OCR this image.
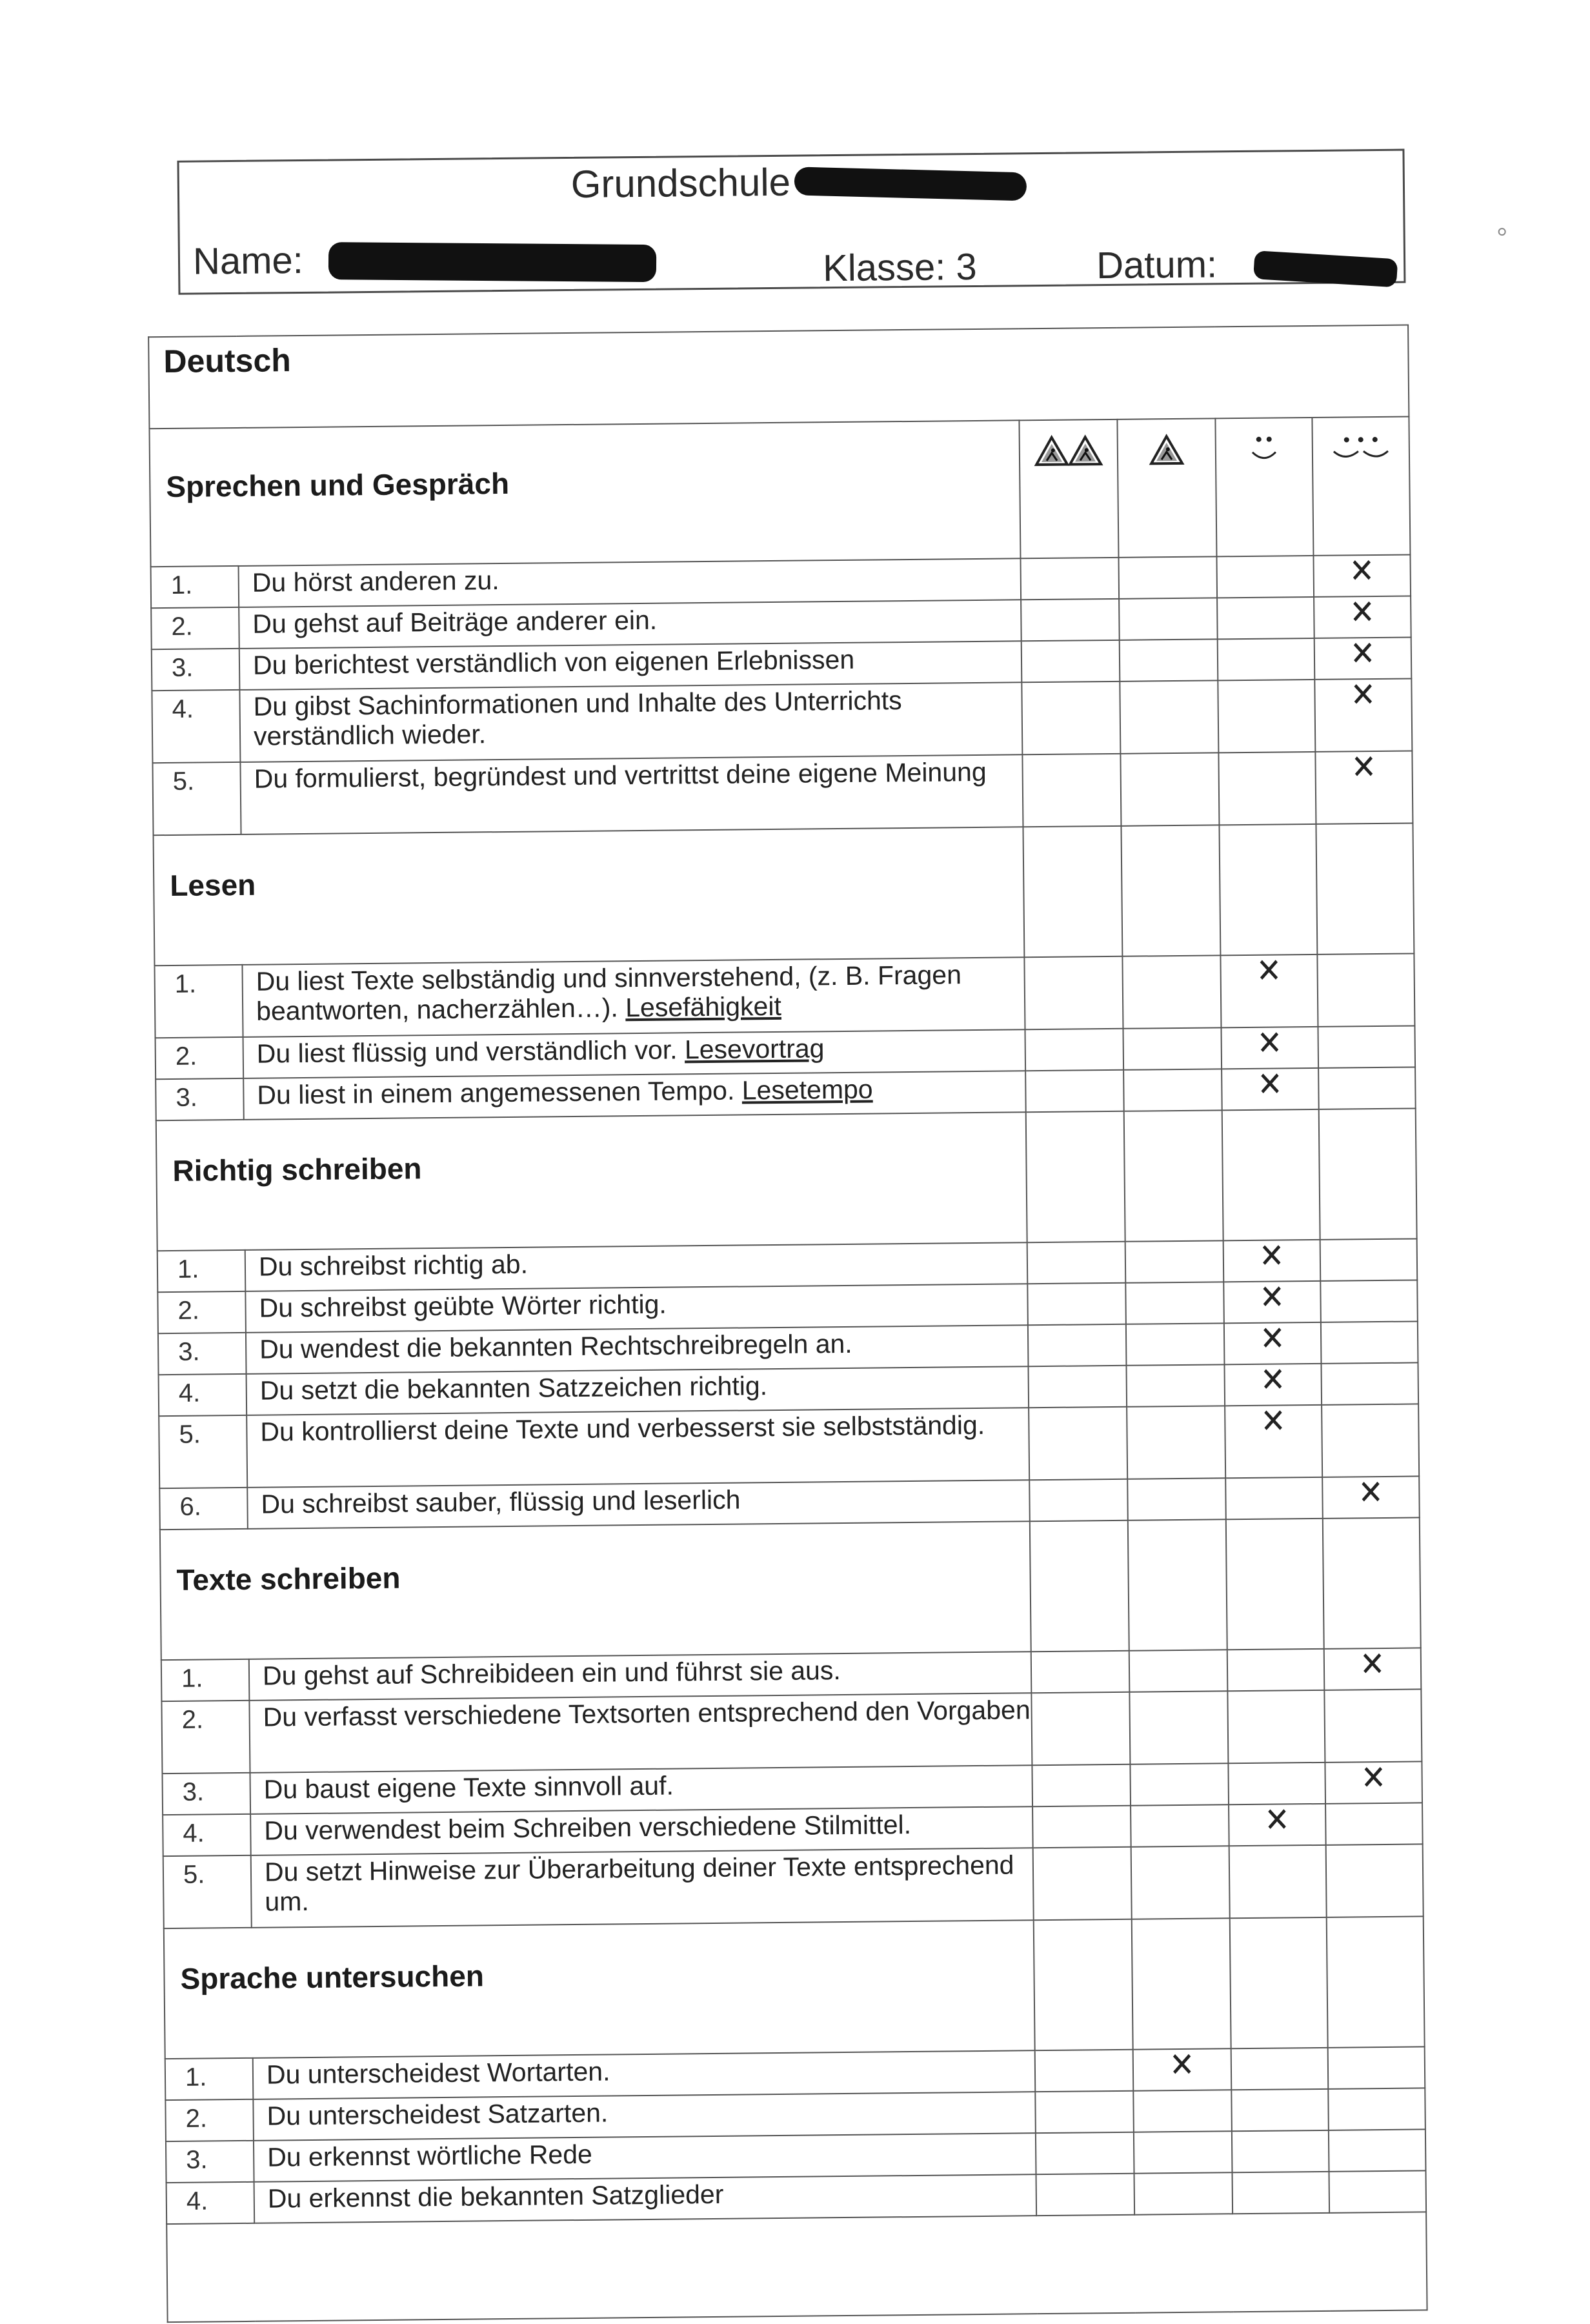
Grundschule
Name:	Klasse: 3	Datum:
Deutsch					
Sprechen und Gespräch	

1.	Du hörst anderen zu.				✕
2.	Du gehst auf Beiträge anderer ein.				✕
3.	Du berichtest verständlich von eigenen Erlebnissen				✕
4.	Du gibst Sachinformationen und Inhalte des Unterrichts verständlich wieder.				✕
5.	Du formulierst, begründest und vertrittst deine eigene Meinung				✕
Lesen					
1.	Du liest Texte selbständig und sinnverstehend, (z. B. Fragen beantworten, nacherzählen…). Lesefähigkeit			✕	
2.	Du liest flüssig und verständlich vor. Lesevortrag			✕	
3.	Du liest in einem angemessenen Tempo. Lesetempo			✕	
Richtig schreiben					
1.	Du schreibst richtig ab.			✕	
2.	Du schreibst geübte Wörter richtig.			✕	
3.	Du wendest die bekannten Rechtschreibregeln an.			✕	
4.	Du setzt die bekannten Satzzeichen richtig.			✕	
5.	Du kontrollierst deine Texte und verbesserst sie selbstständig.			✕	
6.	Du schreibst sauber, flüssig und leserlich				✕
Texte schreiben					
1.	Du gehst auf Schreibideen ein und führst sie aus.				✕
2.	Du verfasst verschiedene Textsorten entsprechend den Vorgaben				
3.	Du baust eigene Texte sinnvoll auf.				✕
4.	Du verwendest beim Schreiben verschiedene Stilmittel.			✕	
5.	Du setzt Hinweise zur Überarbeitung deiner Texte entsprechend um.				
Sprache untersuchen					
1.	Du unterscheidest Wortarten.		✕		
2.	Du unterscheidest Satzarten.				
3.	Du erkennst wörtliche Rede				
4.	Du erkennst die bekannten Satzglieder				
